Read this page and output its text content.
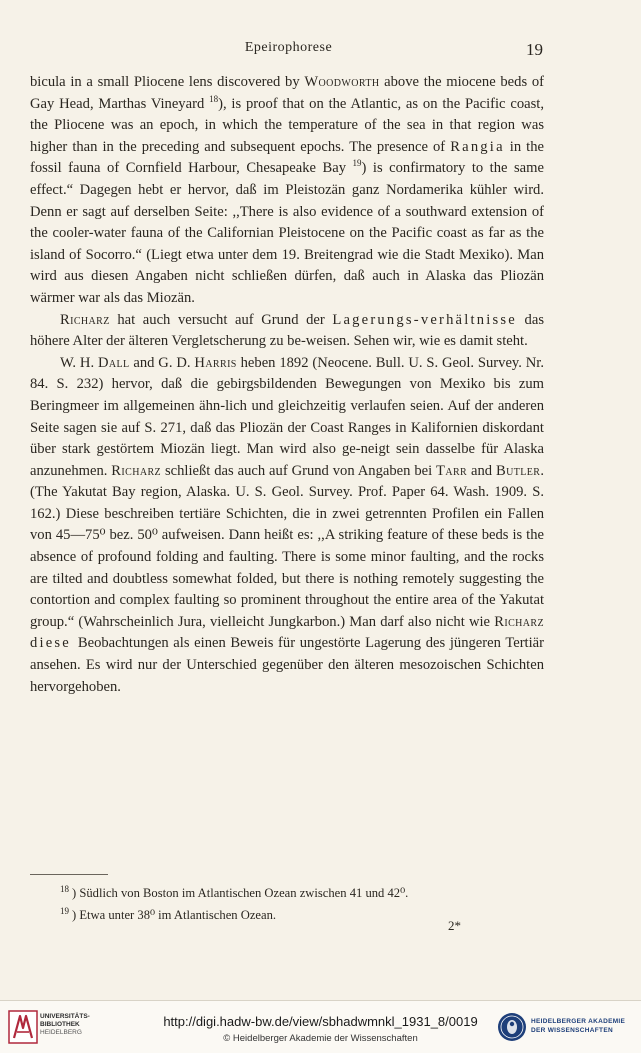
Epeirophorese	19

bicula in a small Pliocene lens discovered by Woodworth above the miocene beds of Gay Head, Marthas Vineyard $^{18}$), is proof that on the Atlantic, as on the Pacific coast, the Pliocene was an epoch, in which the temperature of the sea in that region was higher than in the preceding and subsequent epochs. The presence of Rangia in the fossil fauna of Cornfield Harbour, Chesapeake Bay $^{19}$) is confirmatory to the same effect.“ Dagegen hebt er hervor, daß im Pleistozän ganz Nordamerika kühler wird. Denn er sagt auf derselben Seite: ,,There is also evidence of a southward extension of the cooler-water fauna of the Californian Pleistocene on the Pacific coast as far as the island of Socorro.“ (Liegt etwa unter dem 19. Breitengrad wie die Stadt Mexiko). Man wird aus diesen Angaben nicht schließen dürfen, daß auch in Alaska das Pliozän wärmer war als das Miozän.

Richarz hat auch versucht auf Grund der Lagerungs-verhältnisse das höhere Alter der älteren Vergletscherung zu be-weisen. Sehen wir, wie es damit steht.

W. H. Dall and G. D. Harris heben 1892 (Neocene. Bull. U. S. Geol. Survey. Nr. 84. S. 232) hervor, daß die gebirgsbildenden Bewegungen von Mexiko bis zum Beringmeer im allgemeinen ähn-lich und gleichzeitig verlaufen seien. Auf der anderen Seite sagen sie auf S. 271, daß das Pliozän der Coast Ranges in Kalifornien diskordant über stark gestörtem Miozän liegt. Man wird also ge-neigt sein dasselbe für Alaska anzunehmen. Richarz schließt das auch auf Grund von Angaben bei Tarr and Butler. (The Yakutat Bay region, Alaska. U. S. Geol. Survey. Prof. Paper 64. Wash. 1909. S. 162.) Diese beschreiben tertiäre Schichten, die in zwei getrennten Profilen ein Fallen von 45—75⁰ bez. 50⁰ aufweisen. Dann heißt es: ,,A striking feature of these beds is the absence of profound folding and faulting. There is some minor faulting, and the rocks are tilted and doubtless somewhat folded, but there is nothing remotely suggesting the contortion and complex faulting so prominent throughout the entire area of the Yakutat group.“ (Wahrscheinlich Jura, vielleicht Jungkarbon.) Man darf also nicht wie Richarz diese Beobachtungen als einen Beweis für ungestörte Lagerung des jüngeren Tertiär ansehen. Es wird nur der Unterschied gegenüber den älteren mesozoischen Schichten hervorgehoben.

$^{18}$ ) Südlich von Boston im Atlantischen Ozean zwischen 41 und 42⁰.
$^{19}$ ) Etwa unter 38⁰ im Atlantischen Ozean.
2*
UNIVERSITÄTS-
BIBLIOTHEK
HEIDELBERG
http://digi.hadw-bw.de/view/sbhadwmnkl_1931_8/0019
© Heidelberger Akademie der Wissenschaften
HEIDELBERGER AKADEMIE
DER WISSENSCHAFTEN
